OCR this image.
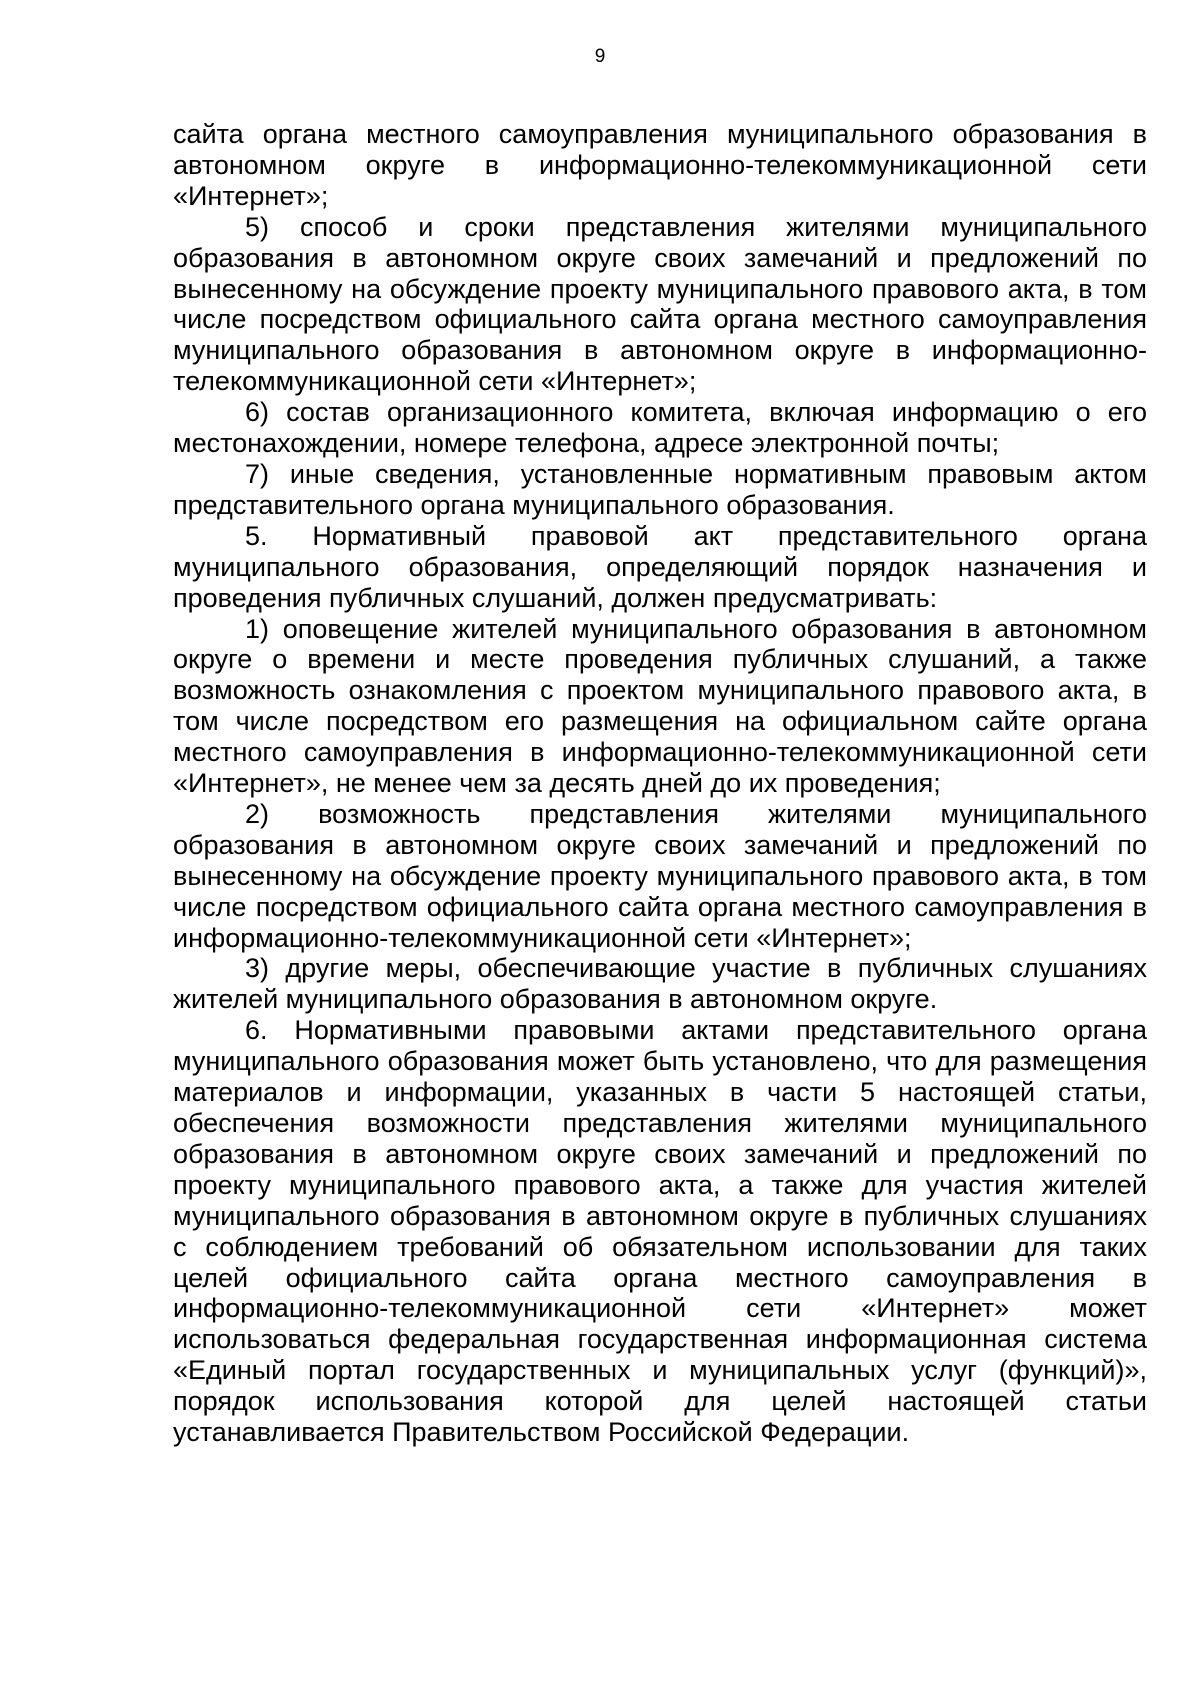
9

сайта органа местного самоуправления муниципального образования в автономном округе в информационно-телекоммуникационной сети «Интернет»;

5) способ и сроки представления жителями муниципального образования в автономном округе своих замечаний и предложений по вынесенному на обсуждение проекту муниципального правового акта, в том числе посредством официального сайта органа местного самоуправления муниципального образования в автономном округе в информационно-телекоммуникационной сети «Интернет»;

6) состав организационного комитета, включая информацию о его местонахождении, номере телефона, адресе электронной почты;

7) иные сведения, установленные нормативным правовым актом представительного органа муниципального образования.

5. Нормативный правовой акт представительного органа муниципального образования, определяющий порядок назначения и проведения публичных слушаний, должен предусматривать:

1) оповещение жителей муниципального образования в автономном округе о времени и месте проведения публичных слушаний, а также возможность ознакомления с проектом муниципального правового акта, в том числе посредством его размещения на официальном сайте органа местного самоуправления в информационно-телекоммуникационной сети «Интернет», не менее чем за десять дней до их проведения;

2) возможность представления жителями муниципального образования в автономном округе своих замечаний и предложений по вынесенному на обсуждение проекту муниципального правового акта, в том числе посредством официального сайта органа местного самоуправления в информационно-телекоммуникационной сети «Интернет»;

3) другие меры, обеспечивающие участие в публичных слушаниях жителей муниципального образования в автономном округе.

6. Нормативными правовыми актами представительного органа муниципального образования может быть установлено, что для размещения материалов и информации, указанных в части 5 настоящей статьи, обеспечения возможности представления жителями муниципального образования в автономном округе своих замечаний и предложений по проекту муниципального правового акта, а также для участия жителей муниципального образования в автономном округе в публичных слушаниях с соблюдением требований об обязательном использовании для таких целей официального сайта органа местного самоуправления в информационно-телекоммуникационной сети «Интернет» может использоваться федеральная государственная информационная система «Единый портал государственных и муниципальных услуг (функций)», порядок использования которой для целей настоящей статьи устанавливается Правительством Российской Федерации.
